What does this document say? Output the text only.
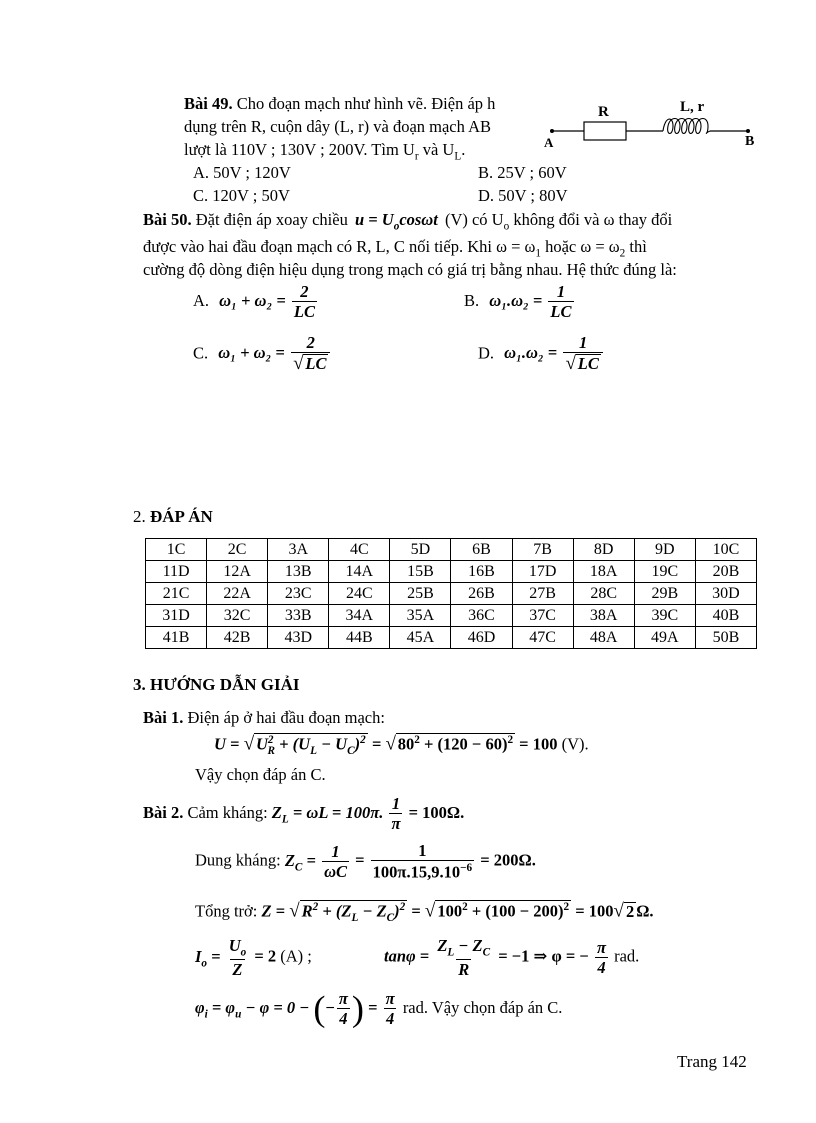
Bài 49. Cho đoạn mạch như hình vẽ. Điện áp h
dụng trên R, cuộn dây (L, r) và đoạn mạch AB
lượt là 110V ; 130V ; 200V. Tìm $U_r$ và $U_L$.
A. 50V ; 120V	B. 25V ; 60V
C. 120V ; 50V	D. 50V ; 80V
R	L, r
A	B
Bài 50. Đặt điện áp xoay chiều $u = U_o\cos\omega t$ (V) có $U_o$ không đổi và ω thay đổi
được vào hai đầu đoạn mạch có R, L, C nối tiếp. Khi $\omega = \omega_1$ hoặc $\omega = \omega_2$ thì
cường độ dòng điện hiệu dụng trong mạch có giá trị bằng nhau. Hệ thức đúng là:
A. $\omega_1 + \omega_2 = \frac{2}{LC}$	B. $\omega_1.\omega_2 = \frac{1}{LC}$
C. $\omega_1 + \omega_2 = \frac{2}{√ LC}$	D. $\omega_1.\omega_2 = \frac{1}{√ LC}$
2. ĐÁP ÁN
1C	2C	3A	4C	5D	6B	7B	8D	9D	10C
11D	12A	13B	14A	15B	16B	17D	18A	19C	20B
21C	22A	23C	24C	25B	26B	27B	28C	29B	30D
31D	32C	33B	34A	35A	36C	37C	38A	39C	40B
41B	42B	43D	44B	45A	46D	47C	48A	49A	50B
3. HƯỚNG DẪN GIẢI
Bài 1. Điện áp ở hai đầu đoạn mạch:
U = √ $U^2_R + (U_L - U_C)^2$ = √ $80^2 + (120 - 60)^2 = 100$ (V).
Vậy chọn đáp án C.
Bài 2. Cảm kháng: $Z_L = \omega L = 100\pi$. $\frac{1}{\pi} = 100\Omega$.
Dung kháng: $Z_C = \frac{1}{\omega C} = \frac{1}{100\pi.15,9.10^{-6}} = 200\Omega$.
Tổng trở: Z = √ $R^2 + (Z_L - Z_C)^2$ = √ $100^2 + (100 - 200)^2 = 100√$ 2 Ω.
$I_o = \frac{U_o}{Z} = 2$ (A) ;	$\tan\varphi = \frac{Z_L - Z_C}{R} = -1$ ⇒ φ = − $\frac{\pi}{4}$ rad.
$\varphi_i = \varphi_u - \varphi = 0$ − (− $\frac{\pi}{4}$ ) = $\frac{\pi}{4}$ rad. Vậy chọn đáp án C.
Trang 142
